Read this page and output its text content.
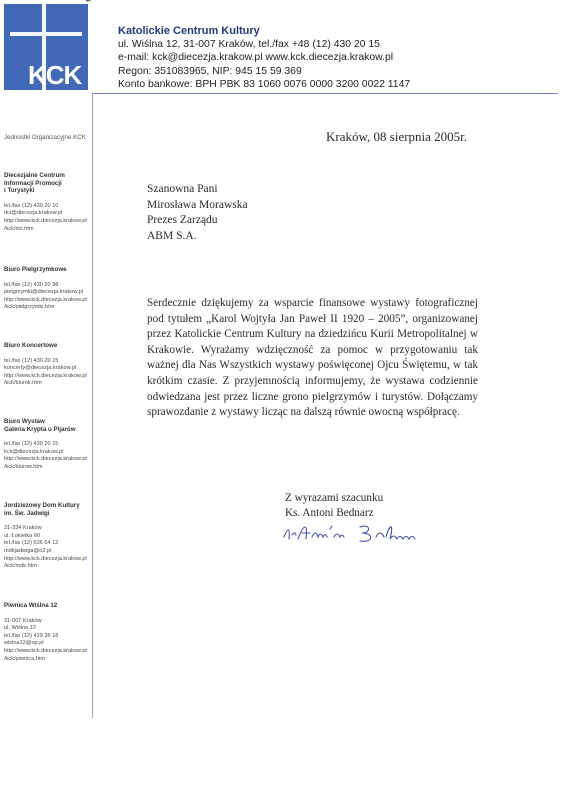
KCK
Katolickie Centrum Kultury
ul. Wiślna 12, 31-007 Kraków, tel./fax +48 (12) 430 20 15
e-mail: kck@diecezja.krakow.pl www.kck.diecezja.krakow.pl
Regon: 351083965, NIP: 945 15 59 369
Konto bankowe: BPH PBK 83 1060 0076 0000 3200 0022 1147
Jednostki Organizacyjne KCK
Diecezjalne Centrum
Informacji Promocji
i Turystyki
tel./fax (12) 430 20 10
dci@diecezja.krakow.pl
http://www.kck.diecezja.krakow.pl
/kck/dci.htm
Biuro Pielgrzymkowe
tel./fax (12) 430 20 98
pielgrzymki@diecezja.krakow.pl
http://www.kck.diecezja.krakow.pl
/kck/pielgrzymki.htm
Biuro Koncertowe
tel./fax (12) 430 20 15
koncerty@diecezja.krakow.pl
http://www.kck.diecezja.krakow.pl
/kck/biurok.htm
Biuro Wystaw
Galeria Krypta u Pijarów
tel./fax (12) 430 20 15
kck@diecezja.krakow.pl
http://www.kck.diecezja.krakow.pl
/kck/biurow.htm
Jordziezowy Dom Kultury
im. Św. Jadwigi
31-334 Kraków
ul. Łokietka 60
tel./fax (12) 636 64 12
mdkjadwiga@o2.pl
http://www.kck.diecezja.krakow.pl
/kck/mdk.htm
Piwnica Wiślna 12
31-007 Kraków
ul. Wiślna 12
tel./fax (12) 429 36 18
wislna12@op.pl
http://www.kck.diecezja.krakow.pl
/kck/piwnica.htm
Kraków, 08 sierpnia 2005r.
Szanowna Pani
Mirosława Morawska
Prezes Zarządu
ABM S.A.
Serdecznie dziękujemy za wsparcie finansowe wystawy fotograficznej pod tytułem „Karol Wojtyła Jan Paweł II 1920 – 2005”, organizowanej przez Katolickie Centrum Kultury na dziedzińcu Kurii Metropolitalnej w Krakowie. Wyrażamy wdzięczność za pomoc w przygotowaniu tak ważnej dla Nas Wszystkich wystawy poświęconej Ojcu Świętemu, w tak krótkim czasie. Z przyjemnością informujemy, że wystawa codziennie odwiedzana jest przez liczne grono pielgrzymów i turystów. Dołączamy sprawozdanie z wystawy licząc na dalszą równie owocną współpracę.
Z wyrazami szacunku
Ks. Antoni Bednarz
